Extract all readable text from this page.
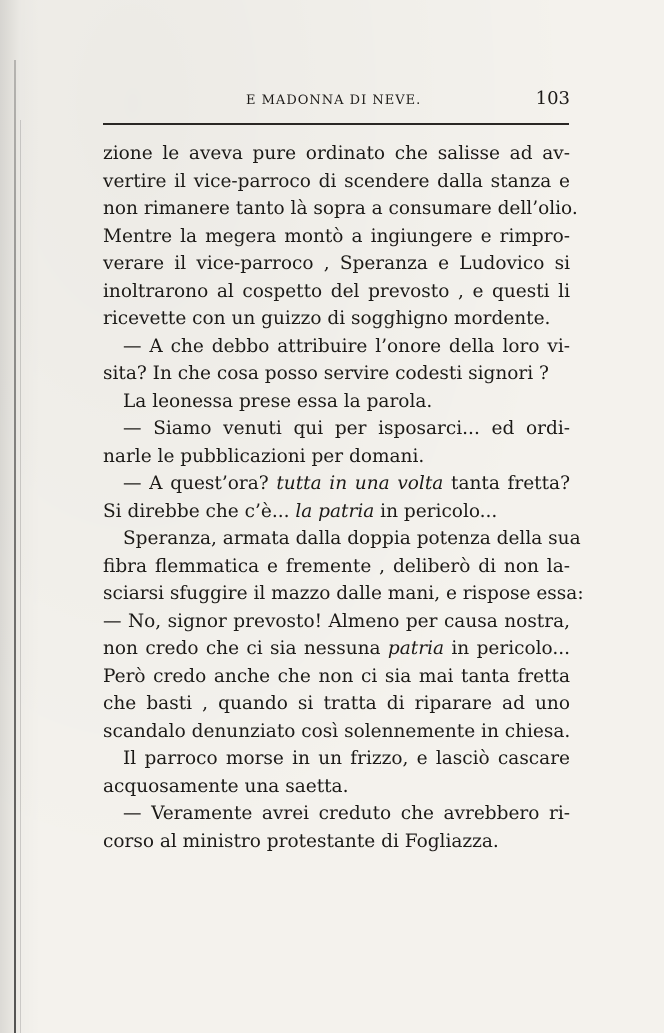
E MADONNA DI NEVE.	103
zione le aveva pure ordinato che salisse ad av-
vertire il vice-parroco di scendere dalla stanza e
non rimanere tanto là sopra a consumare dell’olio.
Mentre la megera montò a ingiungere e rimpro-
verare il vice-parroco , Speranza e Ludovico si
inoltrarono al cospetto del prevosto , e questi li
ricevette con un guizzo di sogghigno mordente.
— A che debbo attribuire l’onore della loro vi-
sita? In che cosa posso servire codesti signori ?
La leonessa prese essa la parola.
— Siamo venuti qui per isposarci... ed ordi-
narle le pubblicazioni per domani.
— A quest’ora? tutta in una volta tanta fretta?
Si direbbe che c’è... la patria in pericolo...
Speranza, armata dalla doppia potenza della sua
fibra flemmatica e fremente , deliberò di non la-
sciarsi sfuggire il mazzo dalle mani, e rispose essa:
— No, signor prevosto! Almeno per causa nostra,
non credo che ci sia nessuna patria in pericolo...
Però credo anche che non ci sia mai tanta fretta
che basti , quando si tratta di riparare ad uno
scandalo denunziato così solennemente in chiesa.
Il parroco morse in un frizzo, e lasciò cascare
acquosamente una saetta.
— Veramente avrei creduto che avrebbero ri-
corso al ministro protestante di Fogliazza.
